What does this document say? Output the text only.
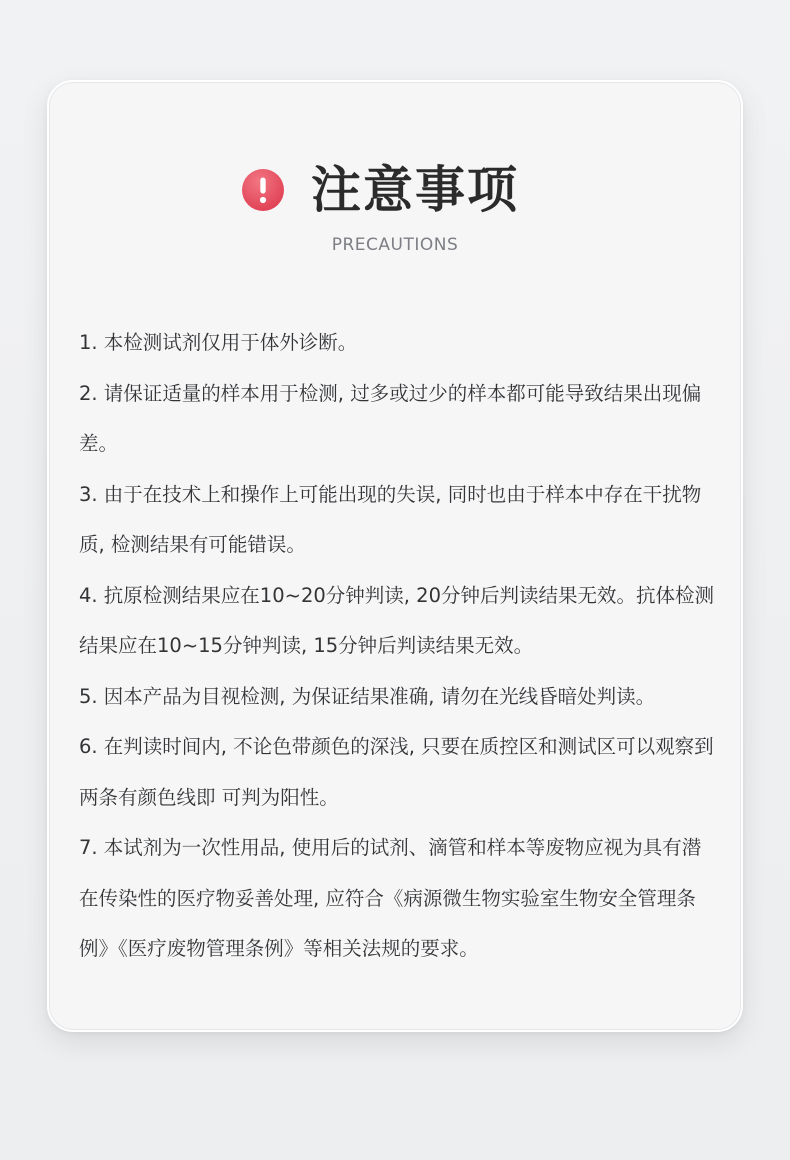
注意事项
PRECAUTIONS
1. 本检测试剂仅用于体外诊断。
2. 请保证适量的样本用于检测, 过多或过少的样本都可能导致结果出现偏差。
3. 由于在技术上和操作上可能出现的失误, 同时也由于样本中存在干扰物质, 检测结果有可能错误。
4. 抗原检测结果应在10~20分钟判读, 20分钟后判读结果无效。抗体检测结果应在10~15分钟判读, 15分钟后判读结果无效。
5. 因本产品为目视检测, 为保证结果准确, 请勿在光线昏暗处判读。
6. 在判读时间内, 不论色带颜色的深浅, 只要在质控区和测试区可以观察到两条有颜色线即 可判为阳性。
7. 本试剂为一次性用品, 使用后的试剂、滴管和样本等废物应视为具有潜在传染性的医疗物妥善处理, 应符合《病源微生物实验室生物安全管理条例》《医疗废物管理条例》等相关法规的要求。
